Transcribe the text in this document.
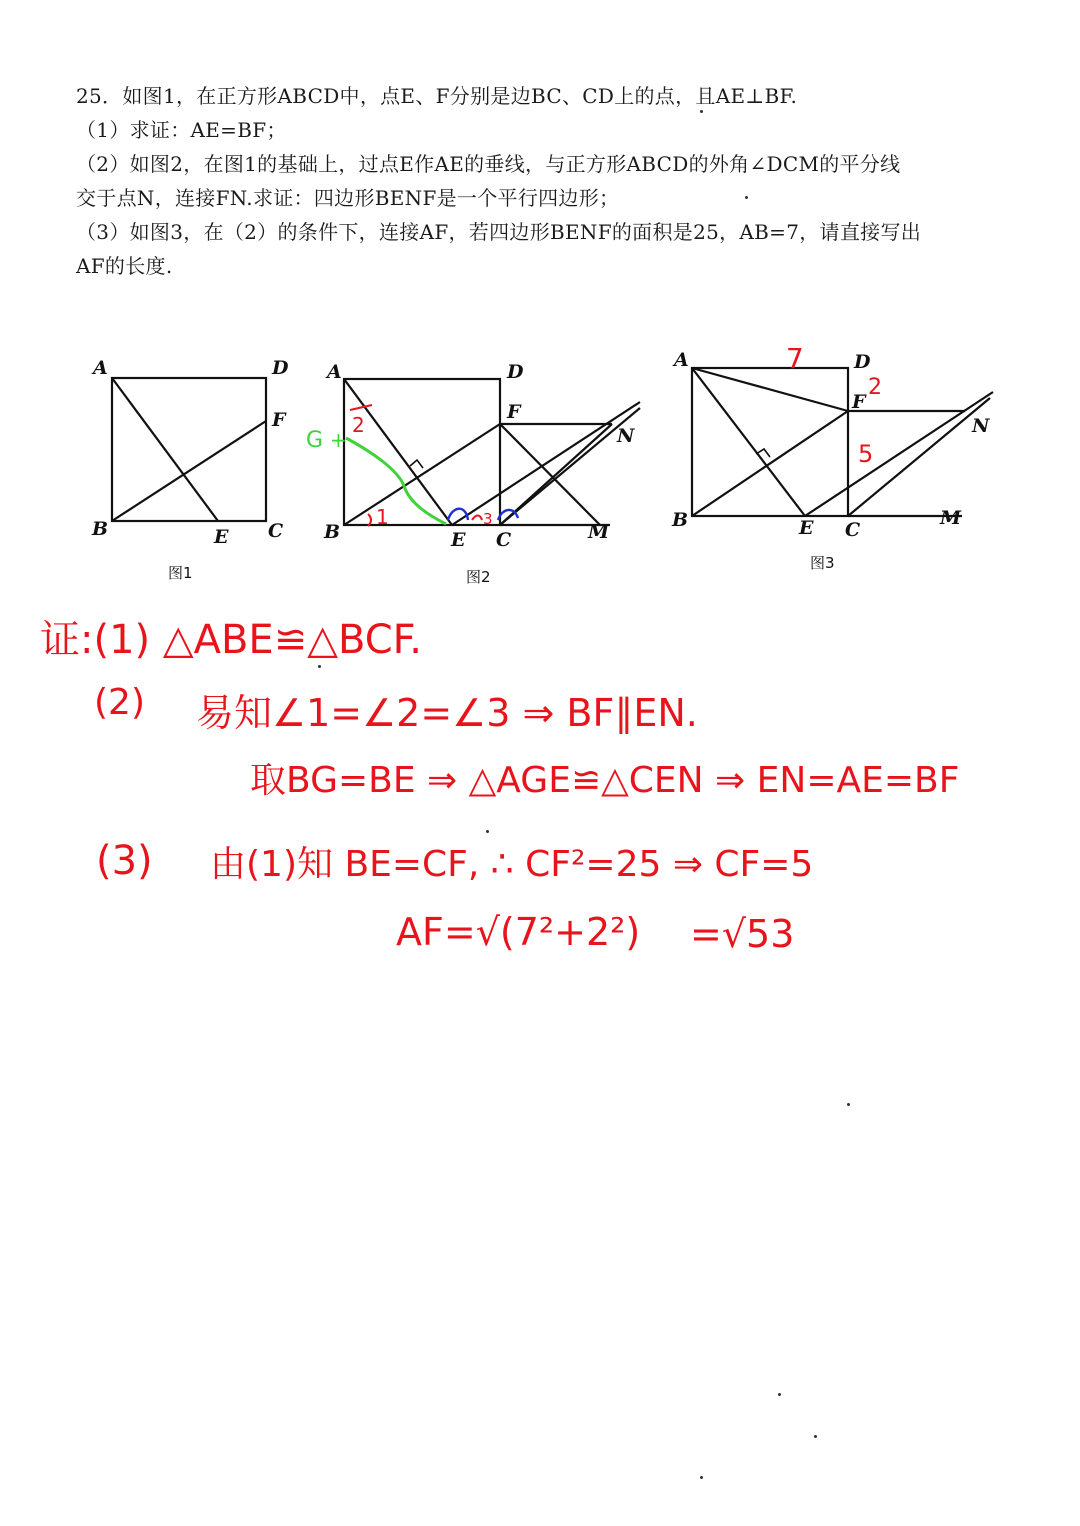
25．如图1，在正方形ABCD中，点E、F分别是边BC、CD上的点，且AE⊥BF.
（1）求证：AE=BF；
（2）如图2，在图1的基础上，过点E作AE的垂线，与正方形ABCD的外角∠DCM的平分线
交于点N，连接FN.求证：四边形BENF是一个平行四边形；
（3）如图3，在（2）的条件下，连接AF，若四边形BENF的面积是25，AB=7，请直接写出
AF的长度.
A	D
F
B	E C
图1
A	D
F
N
B	E C	M
图2
G +
2
1	3
A	D
F
N
B	E C
M
图3
7
2
5
证:(1) △ABE≌△BCF.
(2) 易知∠1=∠2=∠3 ⇒ BF∥EN.
取BG=BE ⇒ △AGE≌△CEN ⇒ EN=AE=BF
(3) 由(1)知 BE=CF, ∴ CF²=25 ⇒ CF=5
AF=√(7²+2²) =√53
